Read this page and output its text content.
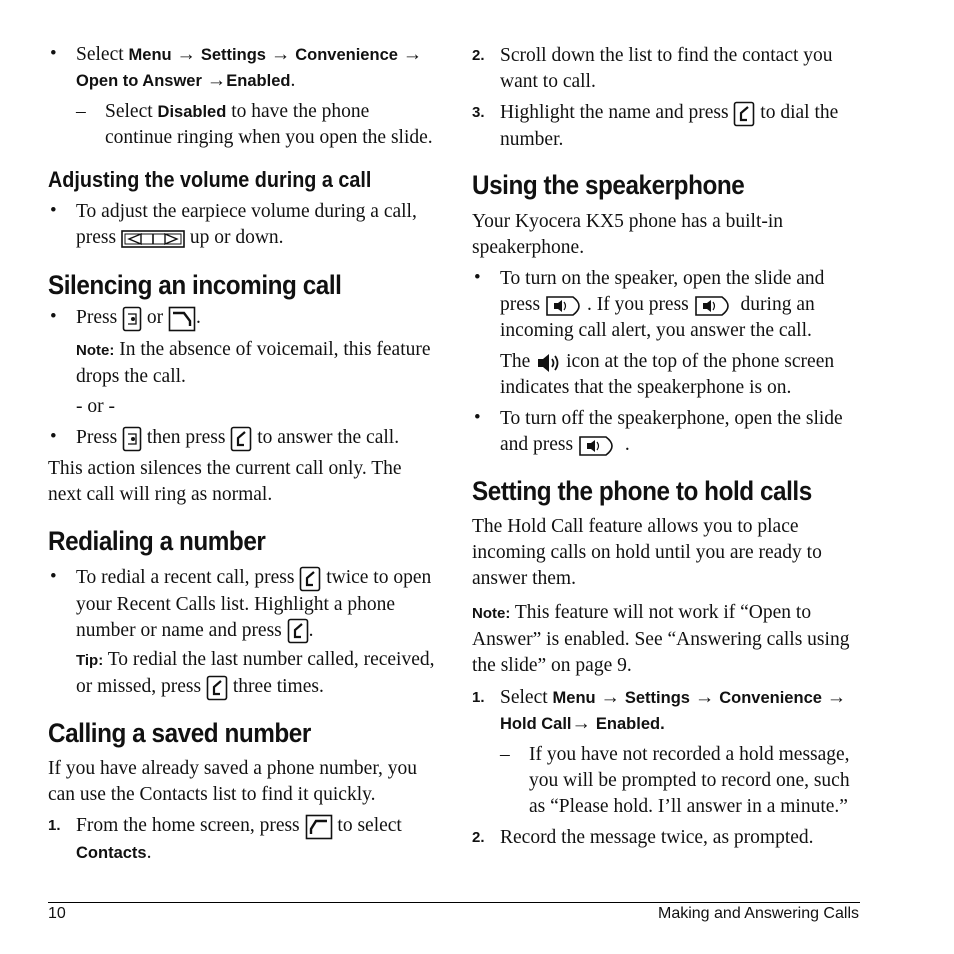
• Select Menu → Settings → Convenience →
Open to Answer →Enabled.
– Select Disabled to have the phone continue ringing when you open the slide.
Adjusting the volume during a call
• To adjust the earpiece volume during a call, press	up or down.
Silencing an incoming call
• Press
or
.
Note: In the absence of voicemail, this feature drops the call.
- or -
• Press
then press
to answer the call.
This action silences the current call only. The next call will ring as normal.
Redialing a number
• To redial a recent call, press
twice to open your Recent Calls list. Highlight a phone number or name and press
.
Tip: To redial the last number called, received, or missed, press
three times.
Calling a saved number
If you have already saved a phone number, you can use the Contacts list to find it quickly.
1. From the home screen, press
to select
Contacts.
2. Scroll down the list to find the contact you want to call.
3. Highlight the name and press
to dial the number.
Using the speakerphone
Your Kyocera KX5 phone has a built-in speakerphone.
• To turn on the speaker, open the slide and press . If you press
during an incoming call alert, you answer the call.
The
icon at the top of the phone screen indicates that the speakerphone is on.
• To turn off the speakerphone, open the slide and press
.
Setting the phone to hold calls
The Hold Call feature allows you to place incoming calls on hold until you are ready to answer them.
Note: This feature will not work if “Open to Answer” is enabled. See “Answering calls using the slide” on page 9.
1. Select Menu → Settings → Convenience →
Hold Call→ Enabled.
– If you have not recorded a hold message, you will be prompted to record one, such as “Please hold. I’ll answer in a minute.”
2. Record the message twice, as prompted.
10	Making and Answering Calls
